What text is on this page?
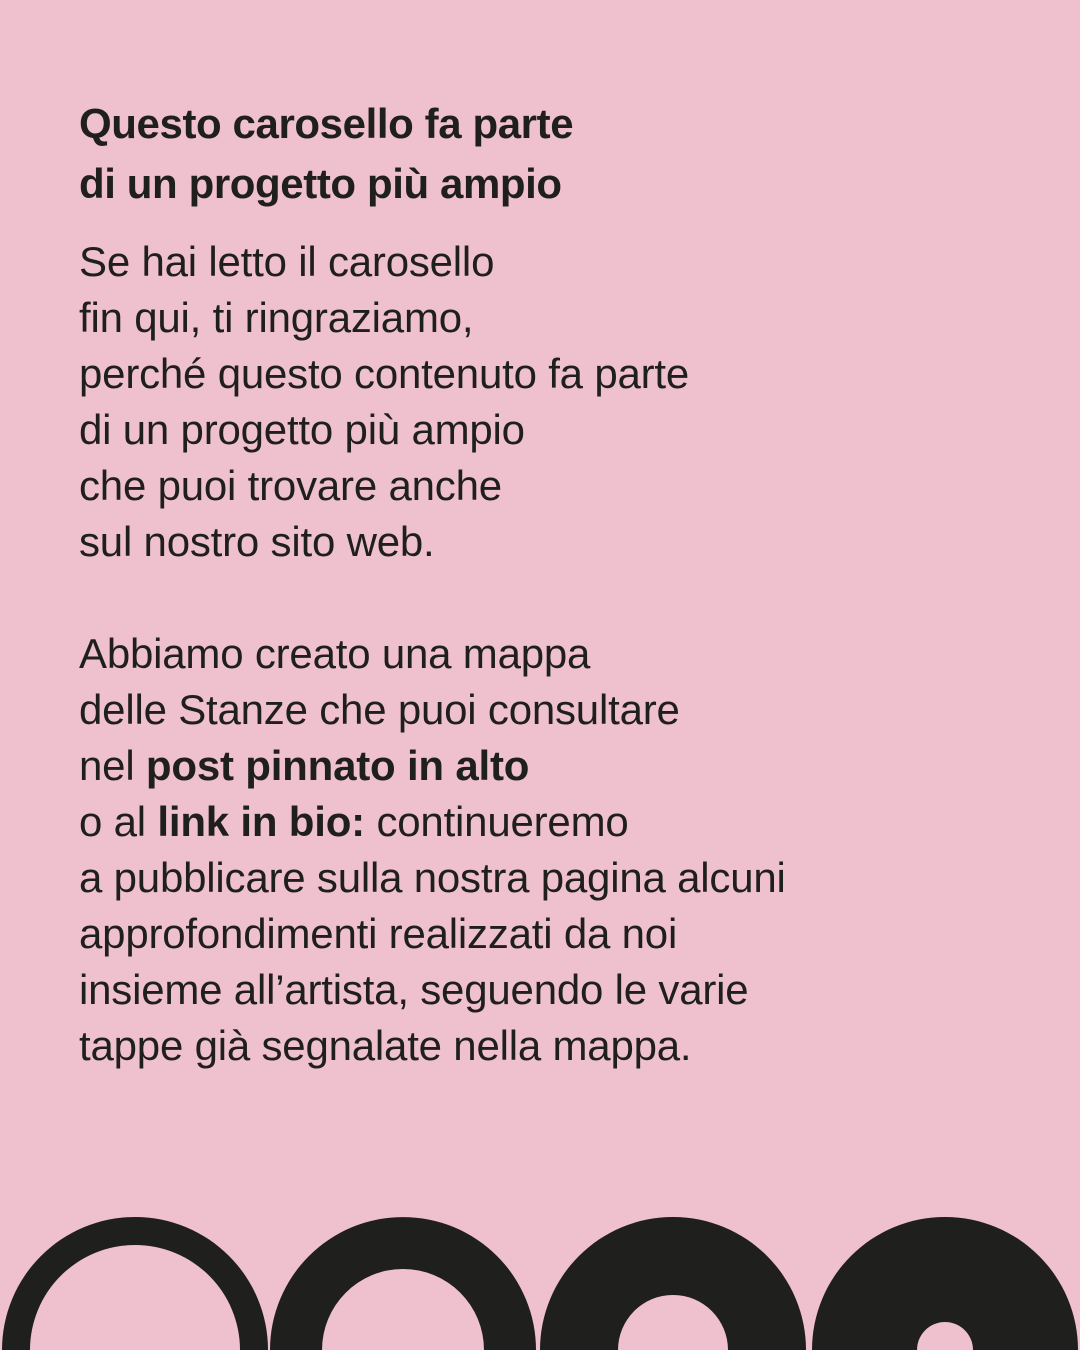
Questo carosello fa parte
di un progetto più ampio

Se hai letto il carosello
fin qui, ti ringraziamo,
perché questo contenuto fa parte
di un progetto più ampio
che puoi trovare anche
sul nostro sito web.

Abbiamo creato una mappa
delle Stanze che puoi consultare
nel post pinnato in alto
o al link in bio: continueremo
a pubblicare sulla nostra pagina alcuni
approfondimenti realizzati da noi
insieme all’artista, seguendo le varie
tappe già segnalate nella mappa.
